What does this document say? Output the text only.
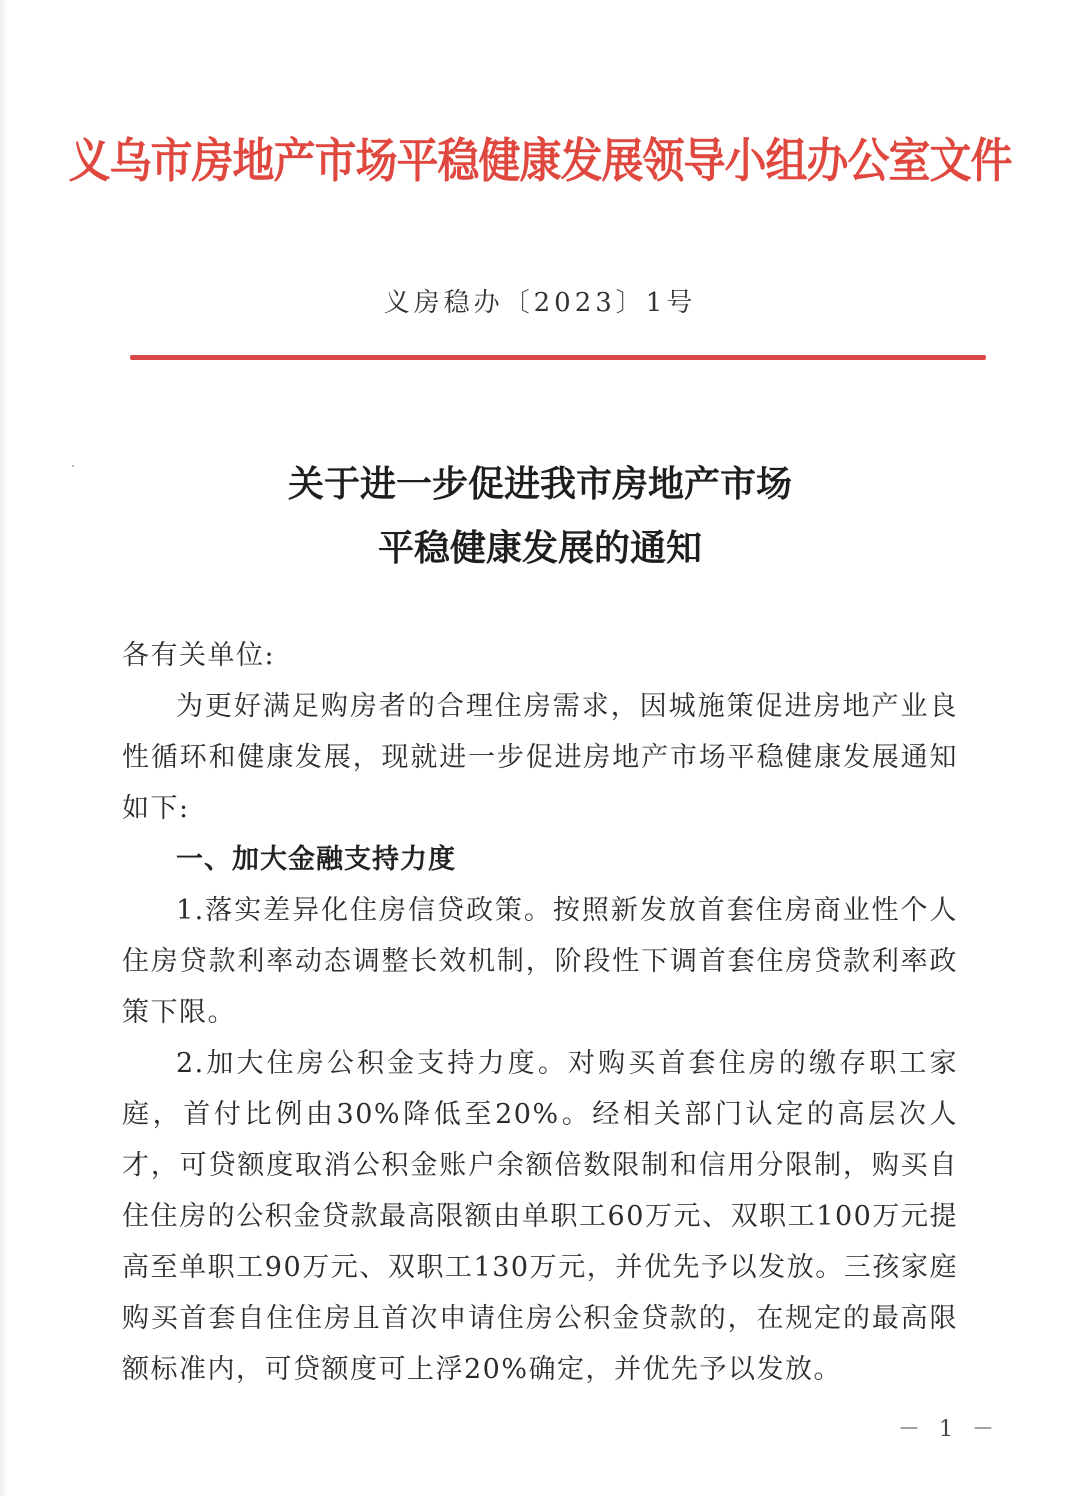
义乌市房地产市场平稳健康发展领导小组办公室文件
义房稳办〔2023〕1号
关于进一步促进我市房地产市场
平稳健康发展的通知

各有关单位:

为更好满足购房者的合理住房需求，因城施策促进房地产业良性循环和健康发展，现就进一步促进房地产市场平稳健康发展通知如下:

一、加大金融支持力度

1.落实差异化住房信贷政策。按照新发放首套住房商业性个人住房贷款利率动态调整长效机制，阶段性下调首套住房贷款利率政策下限。

2.加大住房公积金支持力度。对购买首套住房的缴存职工家庭，首付比例由30%降低至20%。经相关部门认定的高层次人才，可贷额度取消公积金账户余额倍数限制和信用分限制，购买自住住房的公积金贷款最高限额由单职工60万元、双职工100万元提高至单职工90万元、双职工130万元，并优先予以发放。三孩家庭购买首套自住住房且首次申请住房公积金贷款的，在规定的最高限额标准内，可贷额度可上浮20%确定，并优先予以发放。

－ 1 －
